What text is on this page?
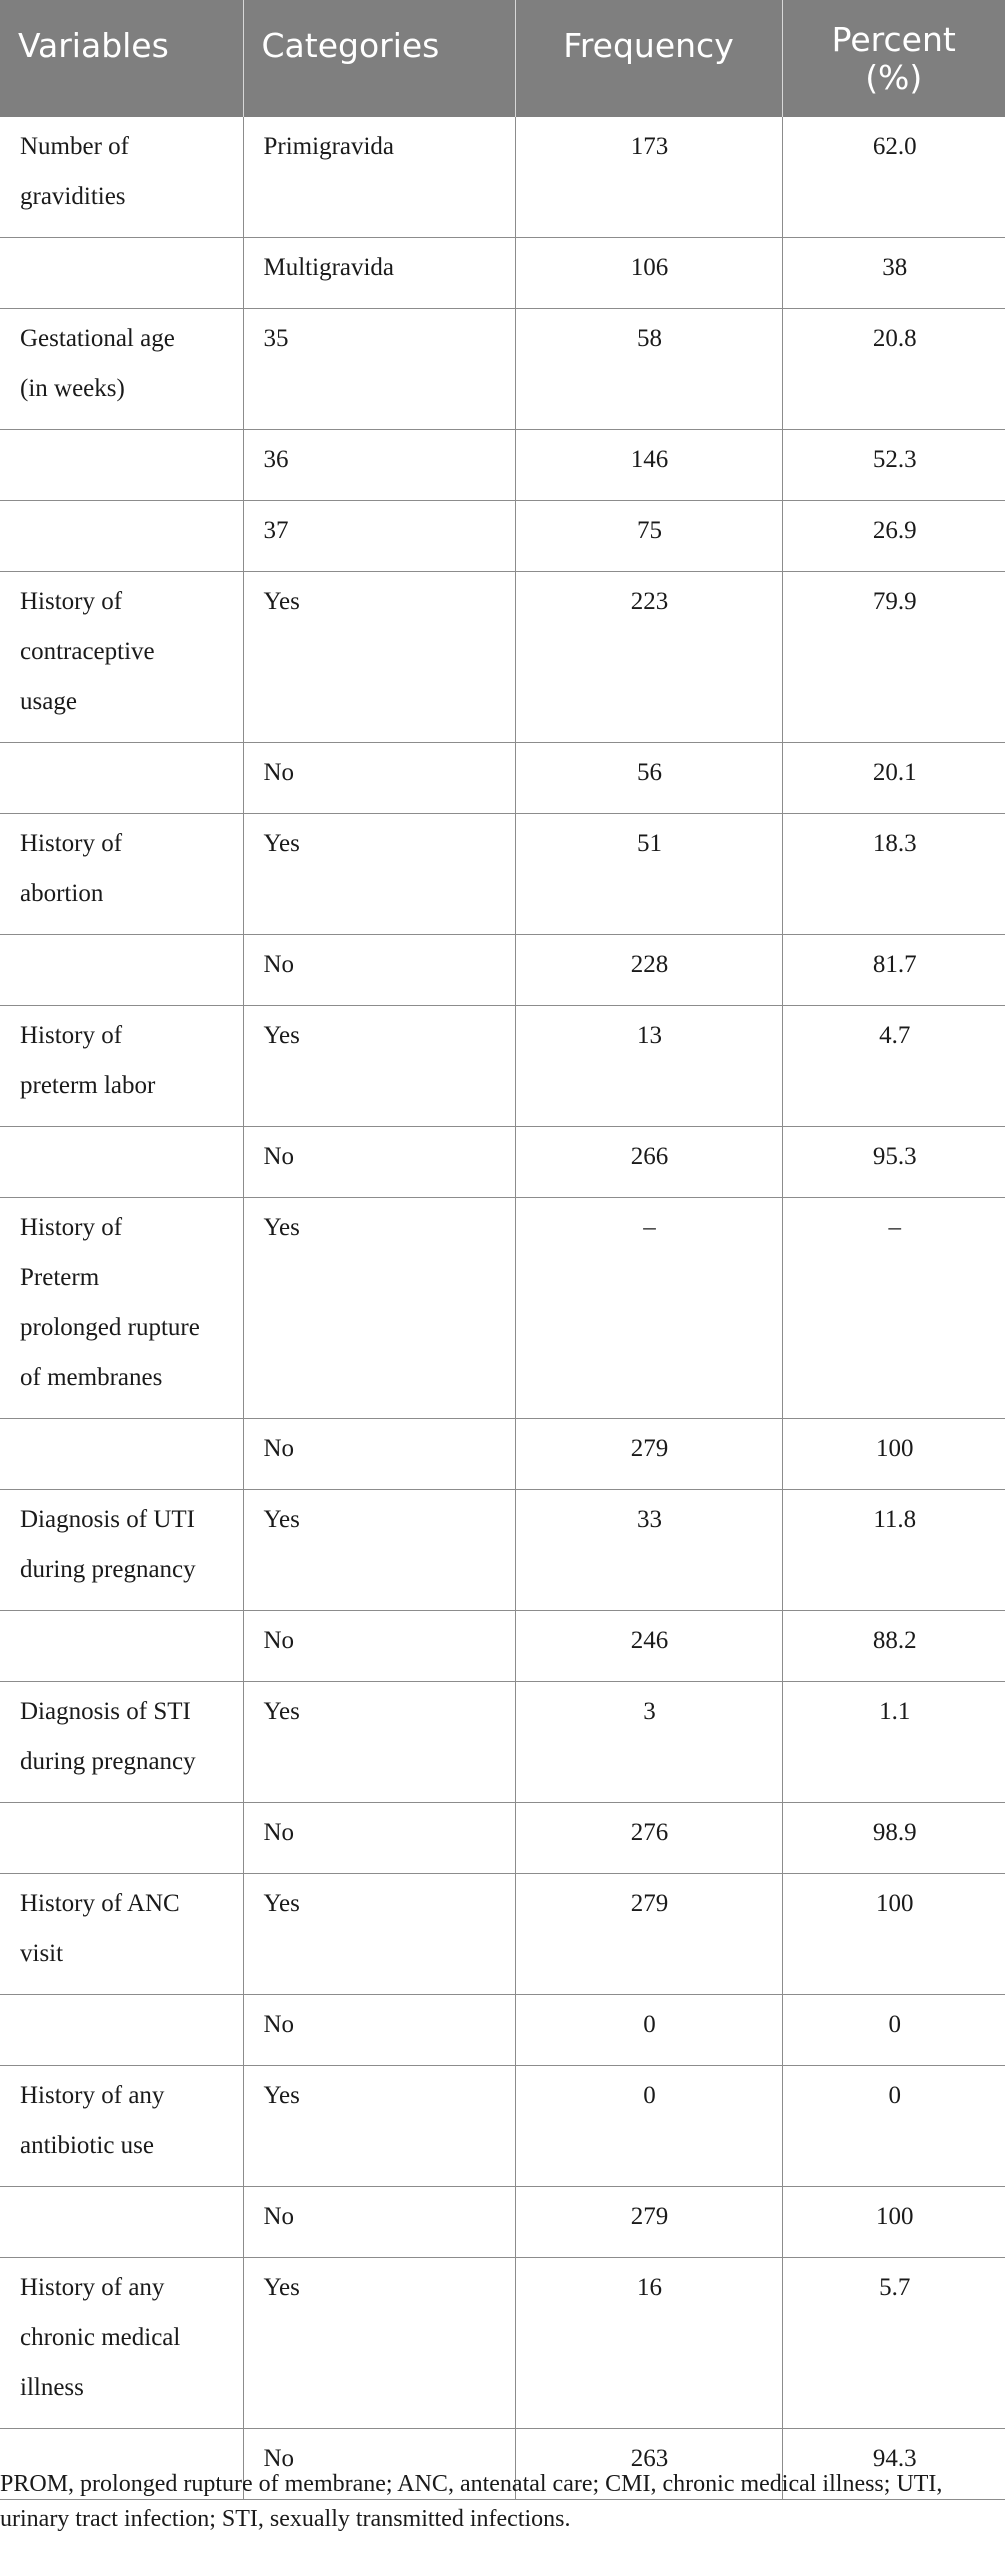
Variables	Categories	Frequency	Percent
(%)

Number of gravidities	Primigravida	173	62.0
	Multigravida	106	38
Gestational age (in weeks)	35	58	20.8
	36	146	52.3
	37	75	26.9
History of contraceptive usage	Yes	223	79.9
	No	56	20.1
History of abortion	Yes	51	18.3
	No	228	81.7
History of preterm labor	Yes	13	4.7
	No	266	95.3
History of Preterm prolonged rupture of membranes	Yes	–	–
	No	279	100
Diagnosis of UTI during pregnancy	Yes	33	11.8
	No	246	88.2
Diagnosis of STI during pregnancy	Yes	3	1.1
	No	276	98.9
History of ANC visit	Yes	279	100
	No	0	0
History of any antibiotic use	Yes	0	0
	No	279	100
History of any chronic medical illness	Yes	16	5.7
	No	263	94.3
PROM, prolonged rupture of membrane; ANC, antenatal care; CMI, chronic medical illness; UTI, urinary tract infection; STI, sexually transmitted infections.
